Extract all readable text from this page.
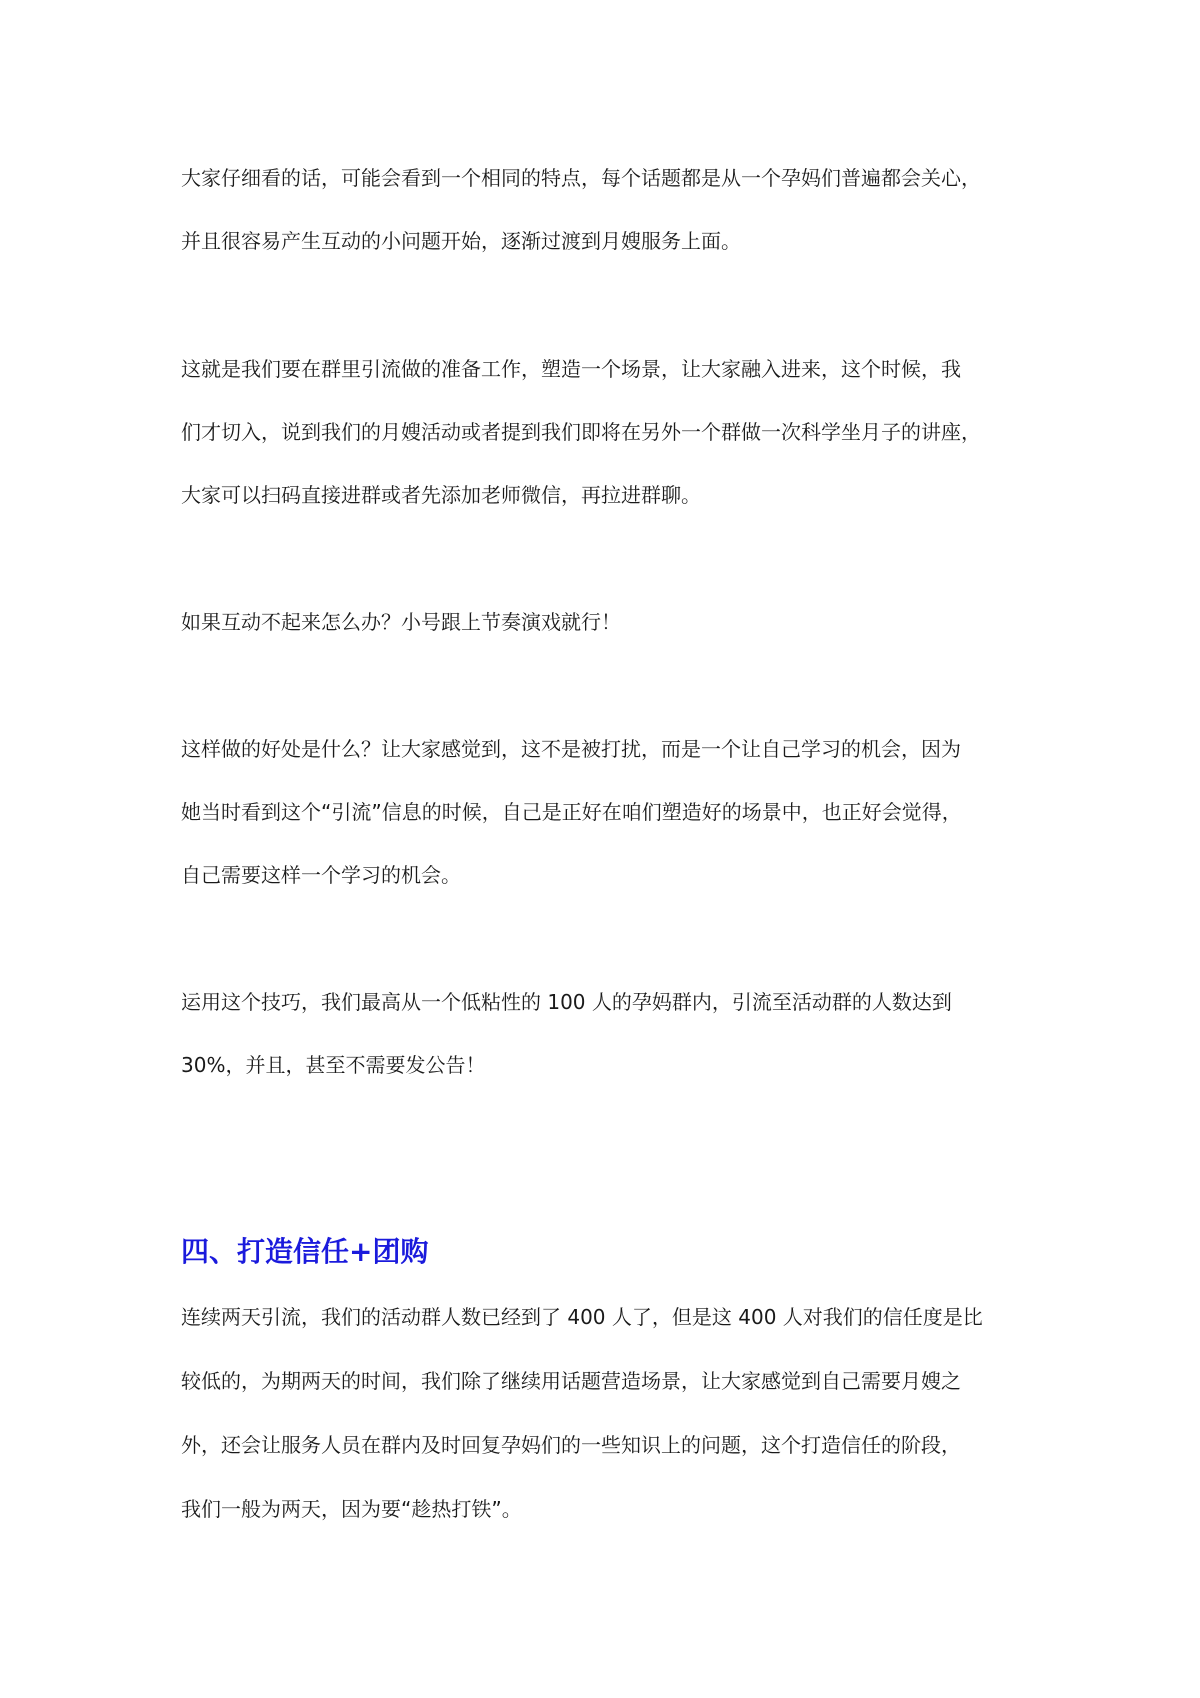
大家仔细看的话，可能会看到一个相同的特点，每个话题都是从一个孕妈们普遍都会关心，
并且很容易产生互动的小问题开始，逐渐过渡到月嫂服务上面。
这就是我们要在群里引流做的准备工作，塑造一个场景，让大家融入进来，这个时候，我
们才切入，说到我们的月嫂活动或者提到我们即将在另外一个群做一次科学坐月子的讲座，
大家可以扫码直接进群或者先添加老师微信，再拉进群聊。
如果互动不起来怎么办？小号跟上节奏演戏就行！
这样做的好处是什么？让大家感觉到，这不是被打扰，而是一个让自己学习的机会，因为
她当时看到这个“引流”信息的时候，自己是正好在咱们塑造好的场景中，也正好会觉得，
自己需要这样一个学习的机会。
运用这个技巧，我们最高从一个低粘性的 100 人的孕妈群内，引流至活动群的人数达到
30%，并且，甚至不需要发公告！
四、打造信任+团购
连续两天引流，我们的活动群人数已经到了 400 人了，但是这 400 人对我们的信任度是比
较低的，为期两天的时间，我们除了继续用话题营造场景，让大家感觉到自己需要月嫂之
外，还会让服务人员在群内及时回复孕妈们的一些知识上的问题，这个打造信任的阶段，
我们一般为两天，因为要“趁热打铁”。
